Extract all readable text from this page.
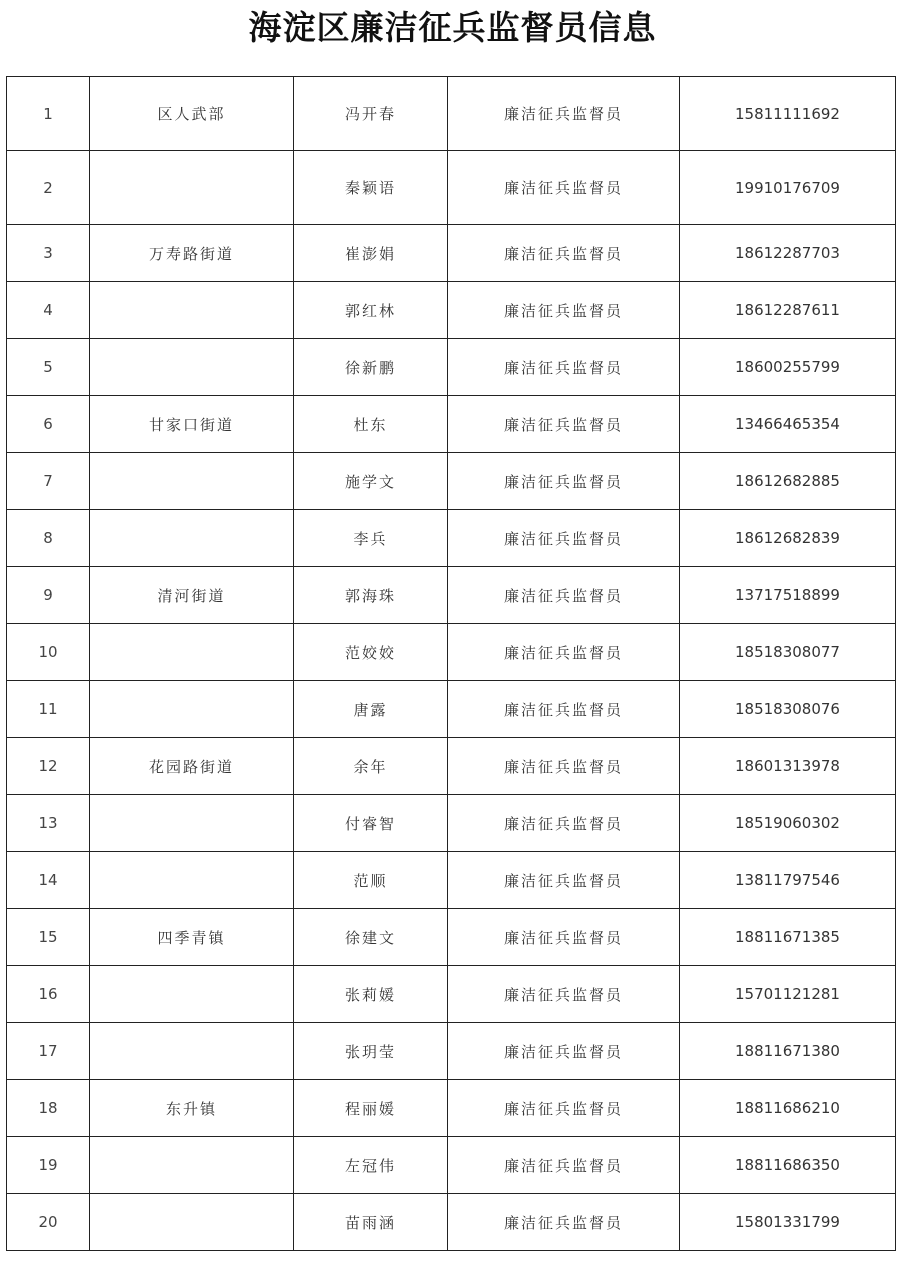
海淀区廉洁征兵监督员信息
1	区人武部	冯开春	廉洁征兵监督员	15811111692
2		秦颖语	廉洁征兵监督员	19910176709
3	万寿路街道	崔澎娟	廉洁征兵监督员	18612287703
4		郭红林	廉洁征兵监督员	18612287611
5		徐新鹏	廉洁征兵监督员	18600255799
6	甘家口街道	杜东	廉洁征兵监督员	13466465354
7		施学文	廉洁征兵监督员	18612682885
8		李兵	廉洁征兵监督员	18612682839
9	清河街道	郭海珠	廉洁征兵监督员	13717518899
10		范姣姣	廉洁征兵监督员	18518308077
11		唐露	廉洁征兵监督员	18518308076
12	花园路街道	余年	廉洁征兵监督员	18601313978
13		付睿智	廉洁征兵监督员	18519060302
14		范顺	廉洁征兵监督员	13811797546
15	四季青镇	徐建文	廉洁征兵监督员	18811671385
16		张莉媛	廉洁征兵监督员	15701121281
17		张玥莹	廉洁征兵监督员	18811671380
18	东升镇	程丽媛	廉洁征兵监督员	18811686210
19		左冠伟	廉洁征兵监督员	18811686350
20		苗雨涵	廉洁征兵监督员	15801331799
